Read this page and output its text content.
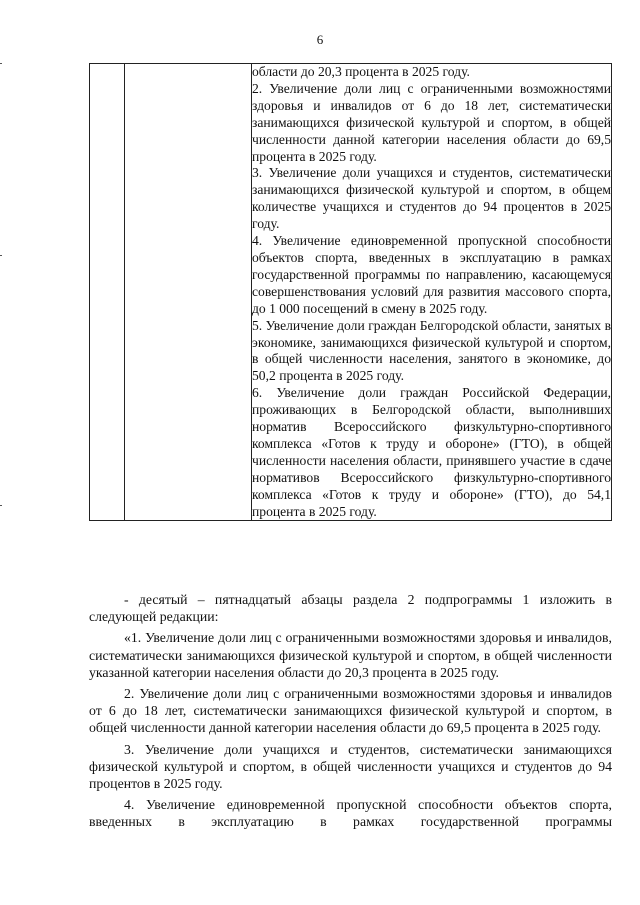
6

области до 20,3 процента в 2025 году.

2. Увеличение доли лиц с ограниченными возможностями здоровья и инвалидов от 6 до 18 лет, систематически занимающихся физической культурой и спортом, в общей численности данной категории населения области до 69,5 процента в 2025 году.

3. Увеличение доли учащихся и студентов, систематически занимающихся физической культурой и спортом, в общем количестве учащихся и студентов до 94 процентов в 2025 году.

4. Увеличение единовременной пропускной способности объектов спорта, введенных в эксплуатацию в рамках государственной программы по направлению, касающемуся совершенствования условий для развития массового спорта, до 1 000 посещений в смену в 2025 году.

5. Увеличение доли граждан Белгородской области, занятых в экономике, занимающихся физической культурой и спортом, в общей численности населения, занятого в экономике, до 50,2 процента в 2025 году.

6. Увеличение доли граждан Российской Федерации, проживающих в Белгородской области, выполнивших норматив Всероссийского физкультурно-спортивного комплекса «Готов к труду и обороне» (ГТО), в общей численности населения области, принявшего участие в сдаче нормативов Всероссийского физкультурно-спортивного комплекса «Готов к труду и обороне» (ГТО), до 54,1 процента в 2025 году.

- десятый – пятнадцатый абзацы раздела 2 подпрограммы 1 изложить в следующей редакции:

«1. Увеличение доли лиц с ограниченными возможностями здоровья и инвалидов, систематически занимающихся физической культурой и спортом, в общей численности указанной категории населения области до 20,3 процента в 2025 году.

2. Увеличение доли лиц с ограниченными возможностями здоровья и инвалидов от 6 до 18 лет, систематически занимающихся физической культурой и спортом, в общей численности данной категории населения области до 69,5 процента в 2025 году.

3. Увеличение доли учащихся и студентов, систематически занимающихся физической культурой и спортом, в общей численности учащихся и студентов до 94 процентов в 2025 году.

4. Увеличение единовременной пропускной способности объектов спорта, введенных в эксплуатацию в рамках государственной программы
